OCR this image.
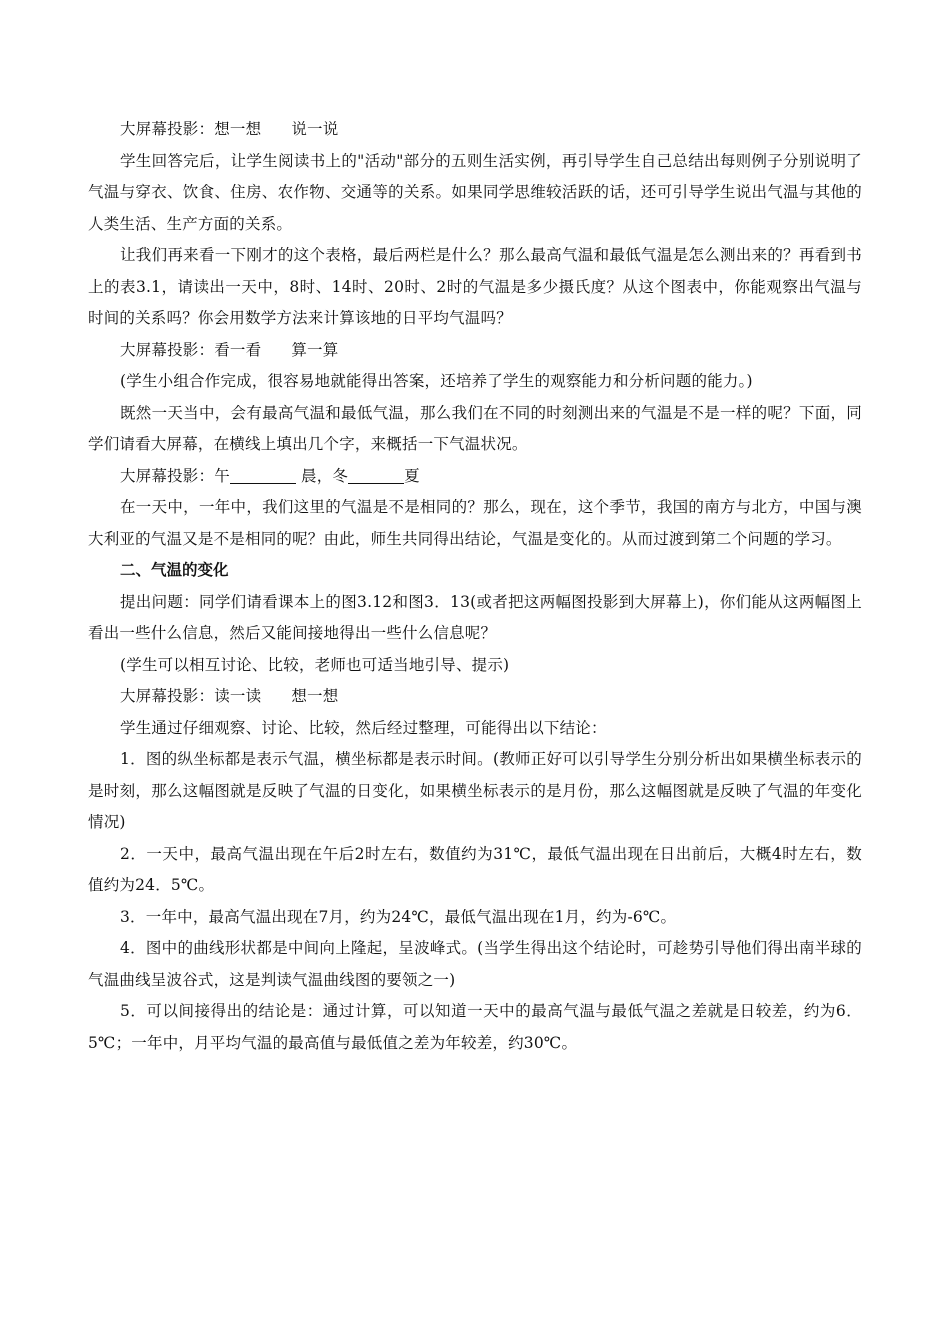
大屏幕投影：想一想 说一说

学生回答完后，让学生阅读书上的"活动"部分的五则生活实例，再引导学生自己总结出每则例子分别说明了气温与穿衣、饮食、住房、农作物、交通等的关系。如果同学思维较活跃的话，还可引导学生说出气温与其他的人类生活、生产方面的关系。

让我们再来看一下刚才的这个表格，最后两栏是什么？那么最高气温和最低气温是怎么测出来的？再看到书上的表3.1，请读出一天中，8时、14时、20时、2时的气温是多少摄氏度？从这个图表中，你能观察出气温与时间的关系吗？你会用数学方法来计算该地的日平均气温吗？

大屏幕投影：看一看 算一算

(学生小组合作完成，很容易地就能得出答案，还培养了学生的观察能力和分析问题的能力。)

既然一天当中，会有最高气温和最低气温，那么我们在不同的时刻测出来的气温是不是一样的呢？下面，同学们请看大屏幕，在横线上填出几个字，来概括一下气温状况。

大屏幕投影：午	晨，冬	夏

在一天中，一年中，我们这里的气温是不是相同的？那么，现在，这个季节，我国的南方与北方，中国与澳大利亚的气温又是不是相同的呢？由此，师生共同得出结论，气温是变化的。从而过渡到第二个问题的学习。

二、气温的变化

提出问题：同学们请看课本上的图3.12和图3．13(或者把这两幅图投影到大屏幕上)，你们能从这两幅图上看出一些什么信息，然后又能间接地得出一些什么信息呢？

(学生可以相互讨论、比较，老师也可适当地引导、提示)

大屏幕投影：读一读 想一想

学生通过仔细观察、讨论、比较，然后经过整理，可能得出以下结论：

1．图的纵坐标都是表示气温，横坐标都是表示时间。(教师正好可以引导学生分别分析出如果横坐标表示的是时刻，那么这幅图就是反映了气温的日变化，如果横坐标表示的是月份，那么这幅图就是反映了气温的年变化情况)

2．一天中，最高气温出现在午后2时左右，数值约为31℃，最低气温出现在日出前后，大概4时左右，数值约为24．5℃。

3．一年中，最高气温出现在7月，约为24℃，最低气温出现在1月，约为-6℃。

4．图中的曲线形状都是中间向上隆起，呈波峰式。(当学生得出这个结论时，可趁势引导他们得出南半球的气温曲线呈波谷式，这是判读气温曲线图的要领之一)

5．可以间接得出的结论是：通过计算，可以知道一天中的最高气温与最低气温之差就是日较差，约为6．5℃；一年中，月平均气温的最高值与最低值之差为年较差，约30℃。
